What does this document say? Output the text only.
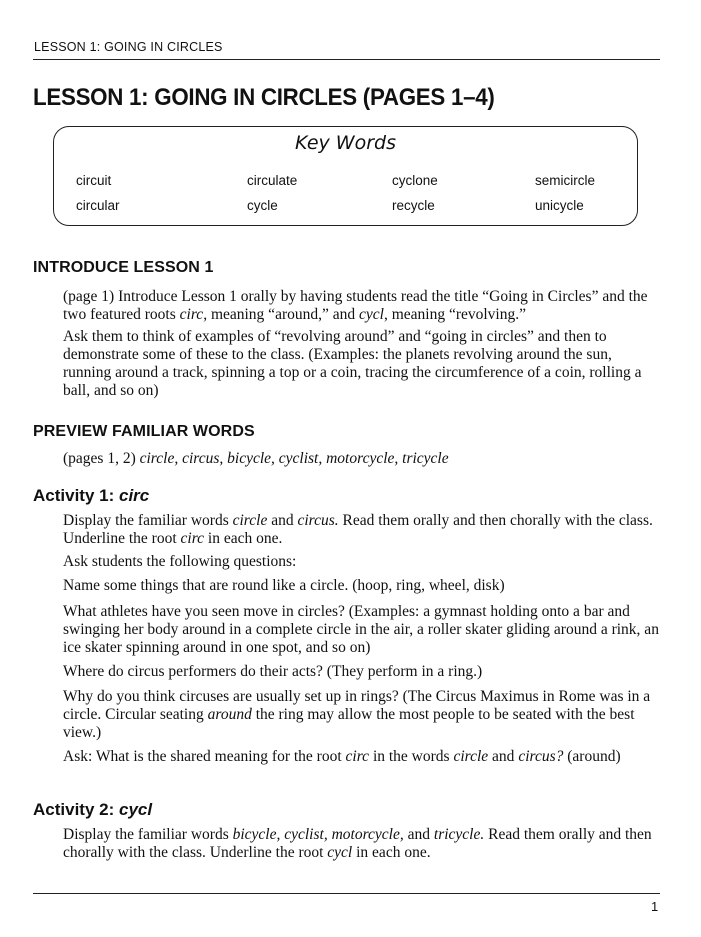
LESSON 1: GOING IN CIRCLES
LESSON 1: GOING IN CIRCLES (PAGES 1–4)
Key Words
circuit	circulate	cyclone	semicircle
circular	cycle	recycle	unicycle
INTRODUCE LESSON 1

(page 1) Introduce Lesson 1 orally by having students read the title “Going in Circles” and the two featured roots circ, meaning “around,” and cycl, meaning “revolving.”

Ask them to think of examples of “revolving around” and “going in circles” and then to demonstrate some of these to the class. (Examples: the planets revolving around the sun, running around a track, spinning a top or a coin, tracing the circumference of a coin, rolling a ball, and so on)

PREVIEW FAMILIAR WORDS

(pages 1, 2) circle, circus, bicycle, cyclist, motorcycle, tricycle

Activity 1: circ

Display the familiar words circle and circus. Read them orally and then chorally with the class. Underline the root circ in each one.

Ask students the following questions:

Name some things that are round like a circle. (hoop, ring, wheel, disk)

What athletes have you seen move in circles? (Examples: a gymnast holding onto a bar and swinging her body around in a complete circle in the air, a roller skater gliding around a rink, an ice skater spinning around in one spot, and so on)

Where do circus performers do their acts? (They perform in a ring.)

Why do you think circuses are usually set up in rings? (The Circus Maximus in Rome was in a circle. Circular seating around the ring may allow the most people to be seated with the best view.)

Ask: What is the shared meaning for the root circ in the words circle and circus? (around)

Activity 2: cycl

Display the familiar words bicycle, cyclist, motorcycle, and tricycle. Read them orally and then chorally with the class. Underline the root cycl in each one.

1
